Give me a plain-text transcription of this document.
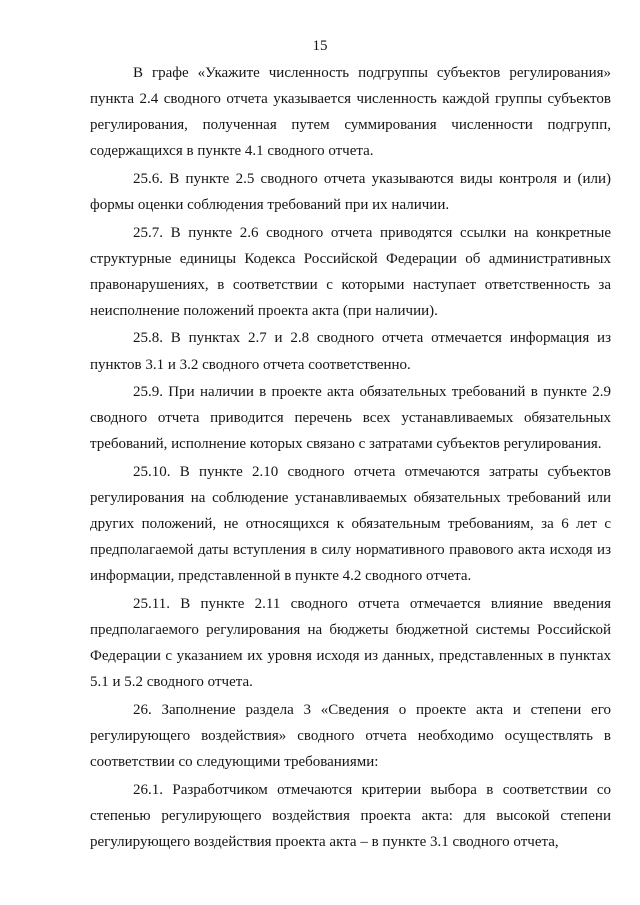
15

В графе «Укажите численность подгруппы субъектов регулирования» пункта 2.4 сводного отчета указывается численность каждой группы субъектов регулирования, полученная путем суммирования численности подгрупп, содержащихся в пункте 4.1 сводного отчета.

25.6. В пункте 2.5 сводного отчета указываются виды контроля и (или) формы оценки соблюдения требований при их наличии.

25.7. В пункте 2.6 сводного отчета приводятся ссылки на конкретные структурные единицы Кодекса Российской Федерации об административных правонарушениях, в соответствии с которыми наступает ответственность за неисполнение положений проекта акта (при наличии).

25.8. В пунктах 2.7 и 2.8 сводного отчета отмечается информация из пунктов 3.1 и 3.2 сводного отчета соответственно.

25.9. При наличии в проекте акта обязательных требований в пункте 2.9 сводного отчета приводится перечень всех устанавливаемых обязательных требований, исполнение которых связано с затратами субъектов регулирования.

25.10. В пункте 2.10 сводного отчета отмечаются затраты субъектов регулирования на соблюдение устанавливаемых обязательных требований или других положений, не относящихся к обязательным требованиям, за 6 лет с предполагаемой даты вступления в силу нормативного правового акта исходя из информации, представленной в пункте 4.2 сводного отчета.

25.11. В пункте 2.11 сводного отчета отмечается влияние введения предполагаемого регулирования на бюджеты бюджетной системы Российской Федерации с указанием их уровня исходя из данных, представленных в пунктах 5.1 и 5.2 сводного отчета.

26. Заполнение раздела 3 «Сведения о проекте акта и степени его регулирующего воздействия» сводного отчета необходимо осуществлять в соответствии со следующими требованиями:

26.1. Разработчиком отмечаются критерии выбора в соответствии со степенью регулирующего воздействия проекта акта: для высокой степени регулирующего воздействия проекта акта – в пункте 3.1 сводного отчета,
